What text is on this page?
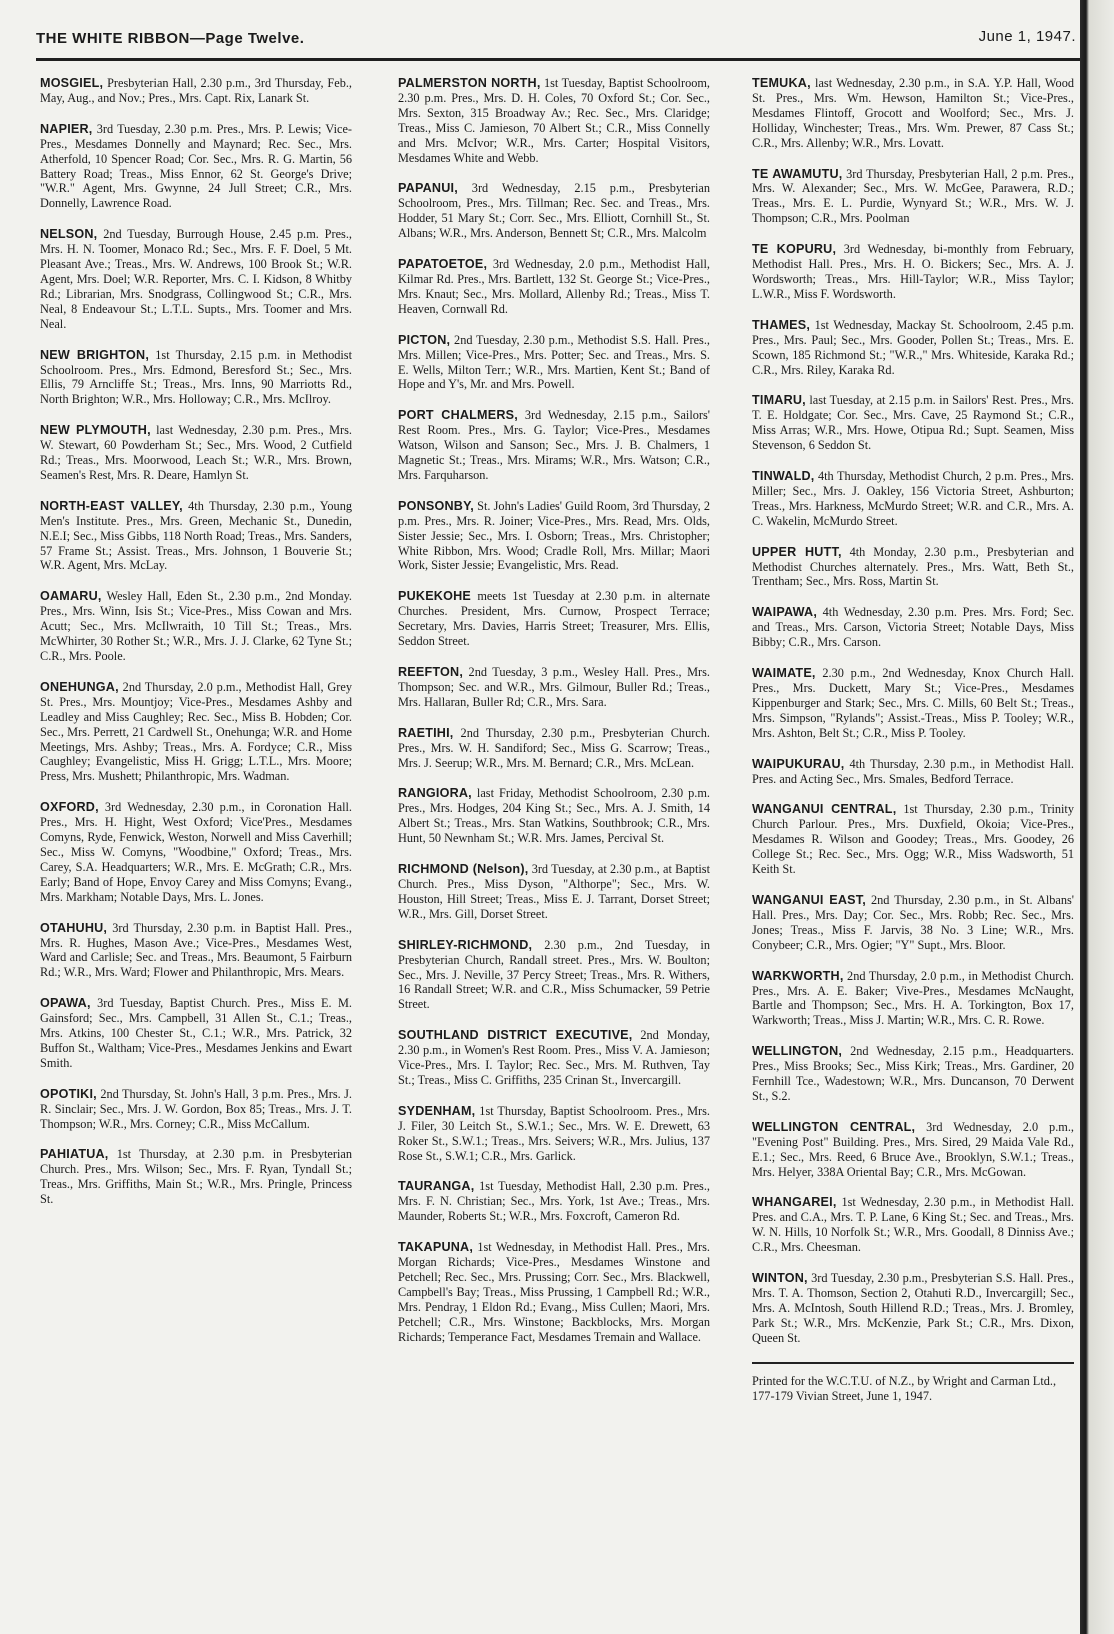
THE WHITE RIBBON—Page Twelve.	June 1, 1947.
MOSGIEL, Presbyterian Hall, 2.30 p.m., 3rd Thursday, Feb., May, Aug., and Nov.; Pres., Mrs. Capt. Rix, Lanark St.
NAPIER, 3rd Tuesday, 2.30 p.m. Pres., Mrs. P. Lewis; Vice-Pres., Mesdames Donnelly and Maynard; Rec. Sec., Mrs. Atherfold, 10 Spencer Road; Cor. Sec., Mrs. R. G. Martin, 56 Battery Road; Treas., Miss Ennor, 62 St. George's Drive; "W.R." Agent, Mrs. Gwynne, 24 Jull Street; C.R., Mrs. Donnelly, Lawrence Road.
NELSON, 2nd Tuesday, Burrough House, 2.45 p.m. Pres., Mrs. H. N. Toomer, Monaco Rd.; Sec., Mrs. F. F. Doel, 5 Mt. Pleasant Ave.; Treas., Mrs. W. Andrews, 100 Brook St.; W.R. Agent, Mrs. Doel; W.R. Reporter, Mrs. C. I. Kidson, 8 Whitby Rd.; Librarian, Mrs. Snodgrass, Collingwood St.; C.R., Mrs. Neal, 8 Endeavour St.; L.T.L. Supts., Mrs. Toomer and Mrs. Neal.
NEW BRIGHTON, 1st Thursday, 2.15 p.m. in Methodist Schoolroom. Pres., Mrs. Edmond, Beresford St.; Sec., Mrs. Ellis, 79 Arncliffe St.; Treas., Mrs. Inns, 90 Marriotts Rd., North Brighton; W.R., Mrs. Holloway; C.R., Mrs. McIlroy.
NEW PLYMOUTH, last Wednesday, 2.30 p.m. Pres., Mrs. W. Stewart, 60 Powderham St.; Sec., Mrs. Wood, 2 Cutfield Rd.; Treas., Mrs. Moorwood, Leach St.; W.R., Mrs. Brown, Seamen's Rest, Mrs. R. Deare, Hamlyn St.
NORTH-EAST VALLEY, 4th Thursday, 2.30 p.m., Young Men's Institute. Pres., Mrs. Green, Mechanic St., Dunedin, N.E.I; Sec., Miss Gibbs, 118 North Road; Treas., Mrs. Sanders, 57 Frame St.; Assist. Treas., Mrs. Johnson, 1 Bouverie St.; W.R. Agent, Mrs. McLay.
OAMARU, Wesley Hall, Eden St., 2.30 p.m., 2nd Monday. Pres., Mrs. Winn, Isis St.; Vice-Pres., Miss Cowan and Mrs. Acutt; Sec., Mrs. McIlwraith, 10 Till St.; Treas., Mrs. McWhirter, 30 Rother St.; W.R., Mrs. J. J. Clarke, 62 Tyne St.; C.R., Mrs. Poole.
ONEHUNGA, 2nd Thursday, 2.0 p.m., Methodist Hall, Grey St. Pres., Mrs. Mountjoy; Vice-Pres., Mesdames Ashby and Leadley and Miss Caughley; Rec. Sec., Miss B. Hobden; Cor. Sec., Mrs. Perrett, 21 Cardwell St., Onehunga; W.R. and Home Meetings, Mrs. Ashby; Treas., Mrs. A. Fordyce; C.R., Miss Caughley; Evangelistic, Miss H. Grigg; L.T.L., Mrs. Moore; Press, Mrs. Mushett; Philanthropic, Mrs. Wadman.
OXFORD, 3rd Wednesday, 2.30 p.m., in Coronation Hall. Pres., Mrs. H. Hight, West Oxford; Vice'Pres., Mesdames Comyns, Ryde, Fenwick, Weston, Norwell and Miss Caverhill; Sec., Miss W. Comyns, "Woodbine," Oxford; Treas., Mrs. Carey, S.A. Headquarters; W.R., Mrs. E. McGrath; C.R., Mrs. Early; Band of Hope, Envoy Carey and Miss Comyns; Evang., Mrs. Markham; Notable Days, Mrs. L. Jones.
OTAHUHU, 3rd Thursday, 2.30 p.m. in Baptist Hall. Pres., Mrs. R. Hughes, Mason Ave.; Vice-Pres., Mesdames West, Ward and Carlisle; Sec. and Treas., Mrs. Beaumont, 5 Fairburn Rd.; W.R., Mrs. Ward; Flower and Philanthropic, Mrs. Mears.
OPAWA, 3rd Tuesday, Baptist Church. Pres., Miss E. M. Gainsford; Sec., Mrs. Campbell, 31 Allen St., C.1.; Treas., Mrs. Atkins, 100 Chester St., C.1.; W.R., Mrs. Patrick, 32 Buffon St., Waltham; Vice-Pres., Mesdames Jenkins and Ewart Smith.
OPOTIKI, 2nd Thursday, St. John's Hall, 3 p.m. Pres., Mrs. J. R. Sinclair; Sec., Mrs. J. W. Gordon, Box 85; Treas., Mrs. J. T. Thompson; W.R., Mrs. Corney; C.R., Miss McCallum.
PAHIATUA, 1st Thursday, at 2.30 p.m. in Presbyterian Church. Pres., Mrs. Wilson; Sec., Mrs. F. Ryan, Tyndall St.; Treas., Mrs. Griffiths, Main St.; W.R., Mrs. Pringle, Princess St.
PALMERSTON NORTH, 1st Tuesday, Baptist Schoolroom, 2.30 p.m. Pres., Mrs. D. H. Coles, 70 Oxford St.; Cor. Sec., Mrs. Sexton, 315 Broadway Av.; Rec. Sec., Mrs. Claridge; Treas., Miss C. Jamieson, 70 Albert St.; C.R., Miss Connelly and Mrs. McIvor; W.R., Mrs. Carter; Hospital Visitors, Mesdames White and Webb.
PAPANUI, 3rd Wednesday, 2.15 p.m., Presbyterian Schoolroom, Pres., Mrs. Tillman; Rec. Sec. and Treas., Mrs. Hodder, 51 Mary St.; Corr. Sec., Mrs. Elliott, Cornhill St., St. Albans; W.R., Mrs. Anderson, Bennett St; C.R., Mrs. Malcolm
PAPATOETOE, 3rd Wednesday, 2.0 p.m., Methodist Hall, Kilmar Rd. Pres., Mrs. Bartlett, 132 St. George St.; Vice-Pres., Mrs. Knaut; Sec., Mrs. Mollard, Allenby Rd.; Treas., Miss T. Heaven, Cornwall Rd.
PICTON, 2nd Tuesday, 2.30 p.m., Methodist S.S. Hall. Pres., Mrs. Millen; Vice-Pres., Mrs. Potter; Sec. and Treas., Mrs. S. E. Wells, Milton Terr.; W.R., Mrs. Martien, Kent St.; Band of Hope and Y's, Mr. and Mrs. Powell.
PORT CHALMERS, 3rd Wednesday, 2.15 p.m., Sailors' Rest Room. Pres., Mrs. G. Taylor; Vice-Pres., Mesdames Watson, Wilson and Sanson; Sec., Mrs. J. B. Chalmers, 1 Magnetic St.; Treas., Mrs. Mirams; W.R., Mrs. Watson; C.R., Mrs. Farquharson.
PONSONBY, St. John's Ladies' Guild Room, 3rd Thursday, 2 p.m. Pres., Mrs. R. Joiner; Vice-Pres., Mrs. Read, Mrs. Olds, Sister Jessie; Sec., Mrs. I. Osborn; Treas., Mrs. Christopher; White Ribbon, Mrs. Wood; Cradle Roll, Mrs. Millar; Maori Work, Sister Jessie; Evangelistic, Mrs. Read.
PUKEKOHE meets 1st Tuesday at 2.30 p.m. in alternate Churches. President, Mrs. Curnow, Prospect Terrace; Secretary, Mrs. Davies, Harris Street; Treasurer, Mrs. Ellis, Seddon Street.
REEFTON, 2nd Tuesday, 3 p.m., Wesley Hall. Pres., Mrs. Thompson; Sec. and W.R., Mrs. Gilmour, Buller Rd.; Treas., Mrs. Hallaran, Buller Rd; C.R., Mrs. Sara.
RAETIHI, 2nd Thursday, 2.30 p.m., Presbyterian Church. Pres., Mrs. W. H. Sandiford; Sec., Miss G. Scarrow; Treas., Mrs. J. Seerup; W.R., Mrs. M. Bernard; C.R., Mrs. McLean.
RANGIORA, last Friday, Methodist Schoolroom, 2.30 p.m. Pres., Mrs. Hodges, 204 King St.; Sec., Mrs. A. J. Smith, 14 Albert St.; Treas., Mrs. Stan Watkins, Southbrook; C.R., Mrs. Hunt, 50 Newnham St.; W.R. Mrs. James, Percival St.
RICHMOND (Nelson), 3rd Tuesday, at 2.30 p.m., at Baptist Church. Pres., Miss Dyson, "Althorpe"; Sec., Mrs. W. Houston, Hill Street; Treas., Miss E. J. Tarrant, Dorset Street; W.R., Mrs. Gill, Dorset Street.
SHIRLEY-RICHMOND, 2.30 p.m., 2nd Tuesday, in Presbyterian Church, Randall street. Pres., Mrs. W. Boulton; Sec., Mrs. J. Neville, 37 Percy Street; Treas., Mrs. R. Withers, 16 Randall Street; W.R. and C.R., Miss Schumacker, 59 Petrie Street.
SOUTHLAND DISTRICT EXECUTIVE, 2nd Monday, 2.30 p.m., in Women's Rest Room. Pres., Miss V. A. Jamieson; Vice-Pres., Mrs. I. Taylor; Rec. Sec., Mrs. M. Ruthven, Tay St.; Treas., Miss C. Griffiths, 235 Crinan St., Invercargill.
SYDENHAM, 1st Thursday, Baptist Schoolroom. Pres., Mrs. J. Filer, 30 Leitch St., S.W.1.; Sec., Mrs. W. E. Drewett, 63 Roker St., S.W.1.; Treas., Mrs. Seivers; W.R., Mrs. Julius, 137 Rose St., S.W.1; C.R., Mrs. Garlick.
TAURANGA, 1st Tuesday, Methodist Hall, 2.30 p.m. Pres., Mrs. F. N. Christian; Sec., Mrs. York, 1st Ave.; Treas., Mrs. Maunder, Roberts St.; W.R., Mrs. Foxcroft, Cameron Rd.
TAKAPUNA, 1st Wednesday, in Methodist Hall. Pres., Mrs. Morgan Richards; Vice-Pres., Mesdames Winstone and Petchell; Rec. Sec., Mrs. Prussing; Corr. Sec., Mrs. Blackwell, Campbell's Bay; Treas., Miss Prussing, 1 Campbell Rd.; W.R., Mrs. Pendray, 1 Eldon Rd.; Evang., Miss Cullen; Maori, Mrs. Petchell; C.R., Mrs. Winstone; Backblocks, Mrs. Morgan Richards; Temperance Fact, Mesdames Tremain and Wallace.
TEMUKA, last Wednesday, 2.30 p.m., in S.A. Y.P. Hall, Wood St. Pres., Mrs. Wm. Hewson, Hamilton St.; Vice-Pres., Mesdames Flintoff, Grocott and Woolford; Sec., Mrs. J. Holliday, Winchester; Treas., Mrs. Wm. Prewer, 87 Cass St.; C.R., Mrs. Allenby; W.R., Mrs. Lovatt.
TE AWAMUTU, 3rd Thursday, Presbyterian Hall, 2 p.m. Pres., Mrs. W. Alexander; Sec., Mrs. W. McGee, Parawera, R.D.; Treas., Mrs. E. L. Purdie, Wynyard St.; W.R., Mrs. W. J. Thompson; C.R., Mrs. Poolman
TE KOPURU, 3rd Wednesday, bi-monthly from February, Methodist Hall. Pres., Mrs. H. O. Bickers; Sec., Mrs. A. J. Wordsworth; Treas., Mrs. Hill-Taylor; W.R., Miss Taylor; L.W.R., Miss F. Wordsworth.
THAMES, 1st Wednesday, Mackay St. Schoolroom, 2.45 p.m. Pres., Mrs. Paul; Sec., Mrs. Gooder, Pollen St.; Treas., Mrs. E. Scown, 185 Richmond St.; "W.R.," Mrs. Whiteside, Karaka Rd.; C.R., Mrs. Riley, Karaka Rd.
TIMARU, last Tuesday, at 2.15 p.m. in Sailors' Rest. Pres., Mrs. T. E. Holdgate; Cor. Sec., Mrs. Cave, 25 Raymond St.; C.R., Miss Arras; W.R., Mrs. Howe, Otipua Rd.; Supt. Seamen, Miss Stevenson, 6 Seddon St.
TINWALD, 4th Thursday, Methodist Church, 2 p.m. Pres., Mrs. Miller; Sec., Mrs. J. Oakley, 156 Victoria Street, Ashburton; Treas., Mrs. Harkness, McMurdo Street; W.R. and C.R., Mrs. A. C. Wakelin, McMurdo Street.
UPPER HUTT, 4th Monday, 2.30 p.m., Presbyterian and Methodist Churches alternately. Pres., Mrs. Watt, Beth St., Trentham; Sec., Mrs. Ross, Martin St.
WAIPAWA, 4th Wednesday, 2.30 p.m. Pres. Mrs. Ford; Sec. and Treas., Mrs. Carson, Victoria Street; Notable Days, Miss Bibby; C.R., Mrs. Carson.
WAIMATE, 2.30 p.m., 2nd Wednesday, Knox Church Hall. Pres., Mrs. Duckett, Mary St.; Vice-Pres., Mesdames Kippenburger and Stark; Sec., Mrs. C. Mills, 60 Belt St.; Treas., Mrs. Simpson, "Rylands"; Assist.-Treas., Miss P. Tooley; W.R., Mrs. Ashton, Belt St.; C.R., Miss P. Tooley.
WAIPUKURAU, 4th Thursday, 2.30 p.m., in Methodist Hall. Pres. and Acting Sec., Mrs. Smales, Bedford Terrace.
WANGANUI CENTRAL, 1st Thursday, 2.30 p.m., Trinity Church Parlour. Pres., Mrs. Duxfield, Okoia; Vice-Pres., Mesdames R. Wilson and Goodey; Treas., Mrs. Goodey, 26 College St.; Rec. Sec., Mrs. Ogg; W.R., Miss Wadsworth, 51 Keith St.
WANGANUI EAST, 2nd Thursday, 2.30 p.m., in St. Albans' Hall. Pres., Mrs. Day; Cor. Sec., Mrs. Robb; Rec. Sec., Mrs. Jones; Treas., Miss F. Jarvis, 38 No. 3 Line; W.R., Mrs. Conybeer; C.R., Mrs. Ogier; "Y" Supt., Mrs. Bloor.
WARKWORTH, 2nd Thursday, 2.0 p.m., in Methodist Church. Pres., Mrs. A. E. Baker; Vive-Pres., Mesdames McNaught, Bartle and Thompson; Sec., Mrs. H. A. Torkington, Box 17, Warkworth; Treas., Miss J. Martin; W.R., Mrs. C. R. Rowe.
WELLINGTON, 2nd Wednesday, 2.15 p.m., Headquarters. Pres., Miss Brooks; Sec., Miss Kirk; Treas., Mrs. Gardiner, 20 Fernhill Tce., Wadestown; W.R., Mrs. Duncanson, 70 Derwent St., S.2.
WELLINGTON CENTRAL, 3rd Wednesday, 2.0 p.m., "Evening Post" Building. Pres., Mrs. Sired, 29 Maida Vale Rd., E.1.; Sec., Mrs. Reed, 6 Bruce Ave., Brooklyn, S.W.1.; Treas., Mrs. Helyer, 338A Oriental Bay; C.R., Mrs. McGowan.
WHANGAREI, 1st Wednesday, 2.30 p.m., in Methodist Hall. Pres. and C.A., Mrs. T. P. Lane, 6 King St.; Sec. and Treas., Mrs. W. N. Hills, 10 Norfolk St.; W.R., Mrs. Goodall, 8 Dinniss Ave.; C.R., Mrs. Cheesman.
WINTON, 3rd Tuesday, 2.30 p.m., Presbyterian S.S. Hall. Pres., Mrs. T. A. Thomson, Section 2, Otahuti R.D., Invercargill; Sec., Mrs. A. McIntosh, South Hillend R.D.; Treas., Mrs. J. Bromley, Park St.; W.R., Mrs. McKenzie, Park St.; C.R., Mrs. Dixon, Queen St.
Printed for the W.C.T.U. of N.Z., by Wright and Carman Ltd., 177-179 Vivian Street, June 1, 1947.
